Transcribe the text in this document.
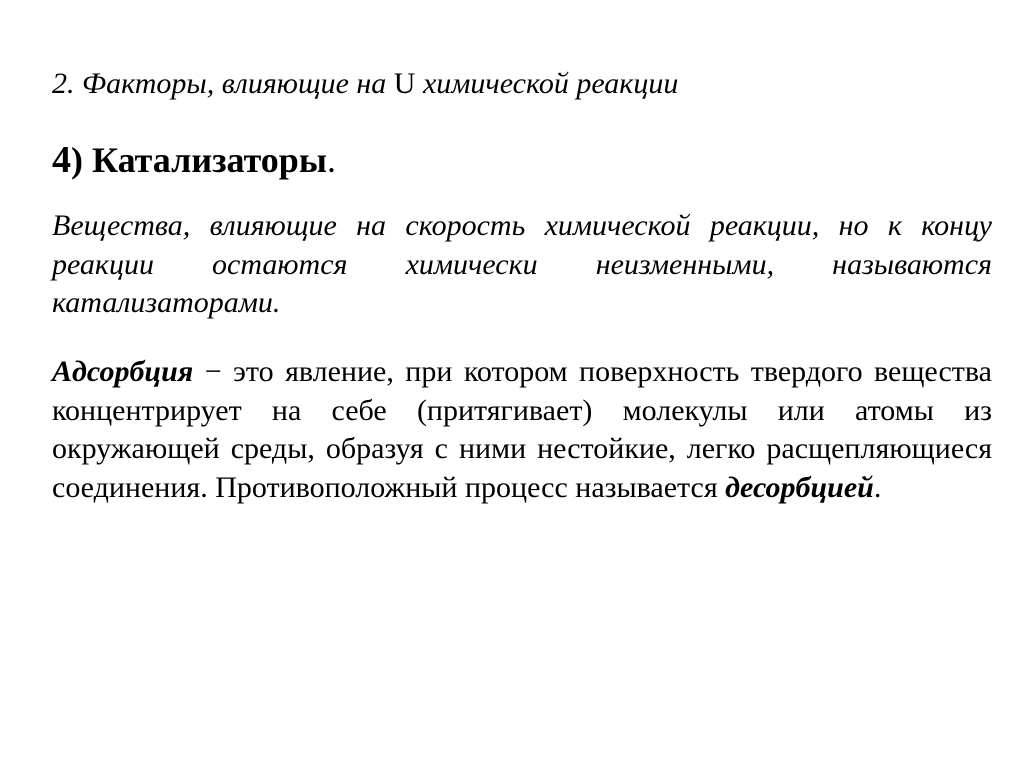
2. Факторы, влияющие на U химической реакции
4) Катализаторы.
Вещества, влияющие на скорость химической реакции, но к концу реакции остаются химически неизменными, называются катализаторами.
Адсорбция − это явление, при котором поверхность твердого вещества концентрирует на себе (притягивает) молекулы или атомы из окружающей среды, образуя с ними нестойкие, легко расщепляющиеся соединения. Противоположный процесс называется десорбцией.
